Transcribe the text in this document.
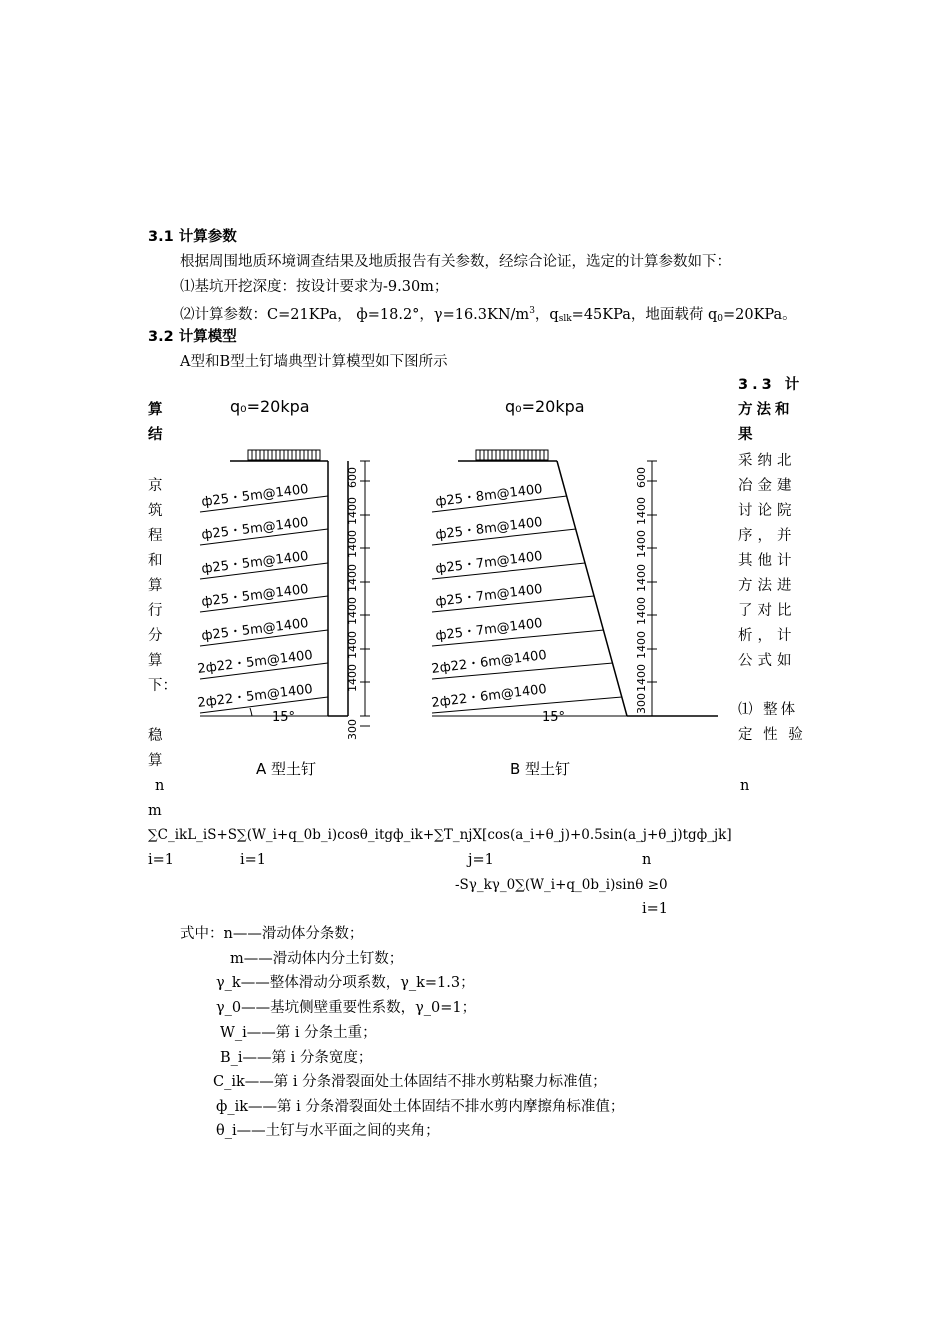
3.1 计算参数
根据周围地质环境调查结果及地质报告有关参数，经综合论证，选定的计算参数如下：
⑴基坑开挖深度：按设计要求为-9.30m；
⑵计算参数：C=21KPa， ф=18.2°，$\gamma=16.3KN/m^3$，$q_{slk}=45KPa$，地面载荷 $q_0=20KPa$。
3.2 计算模型
A型和B型土钉墙典型计算模型如下图所示
算
结
京
筑
程
和
算
行
分
算
下：
稳
算
3.3 计
方法和
果
采纳北
冶金建
讨论院
序，并
其他计
方法进
了对比
析，计
公式如
⑴ 整体
定 性 验
n
q₀=20kpa
ф25・5m@1400
ф25・5m@1400
ф25・5m@1400
ф25・5m@1400
ф25・5m@1400
2ф22・5m@1400
2ф22・5m@1400
15°
600
1400
1400
1400
1400
1400
1400
300
A 型土钉
q₀=20kpa
ф25・8m@1400
ф25・8m@1400
ф25・7m@1400
ф25・7m@1400
ф25・7m@1400
2ф22・6m@1400
2ф22・6m@1400
15°
600
1400
1400
1400
1400
1400
1400
300
B 型土钉
n
m
∑C_ikL_iS+S∑(W_i+q_0b_i)cosθ_itgф_ik+∑T_njX[cos(a_i+θ_j)+0.5sin(a_j+θ_j)tgф_jk]
i=1	i=1	j=1	n
-Sγ_kγ_0∑(W_i+q_0b_i)sinθ ≥0
i=1
式中：n——滑动体分条数；
m——滑动体内分土钉数；
γ_k——整体滑动分项系数，γ_k=1.3；
γ_0——基坑侧壁重要性系数，γ_0=1；
W_i——第 i 分条土重；
B_i——第 i 分条宽度；
C_ik——第 i 分条滑裂面处土体固结不排水剪粘聚力标准值；
ф_ik——第 i 分条滑裂面处土体固结不排水剪内摩擦角标准值；
θ_i——土钉与水平面之间的夹角；
